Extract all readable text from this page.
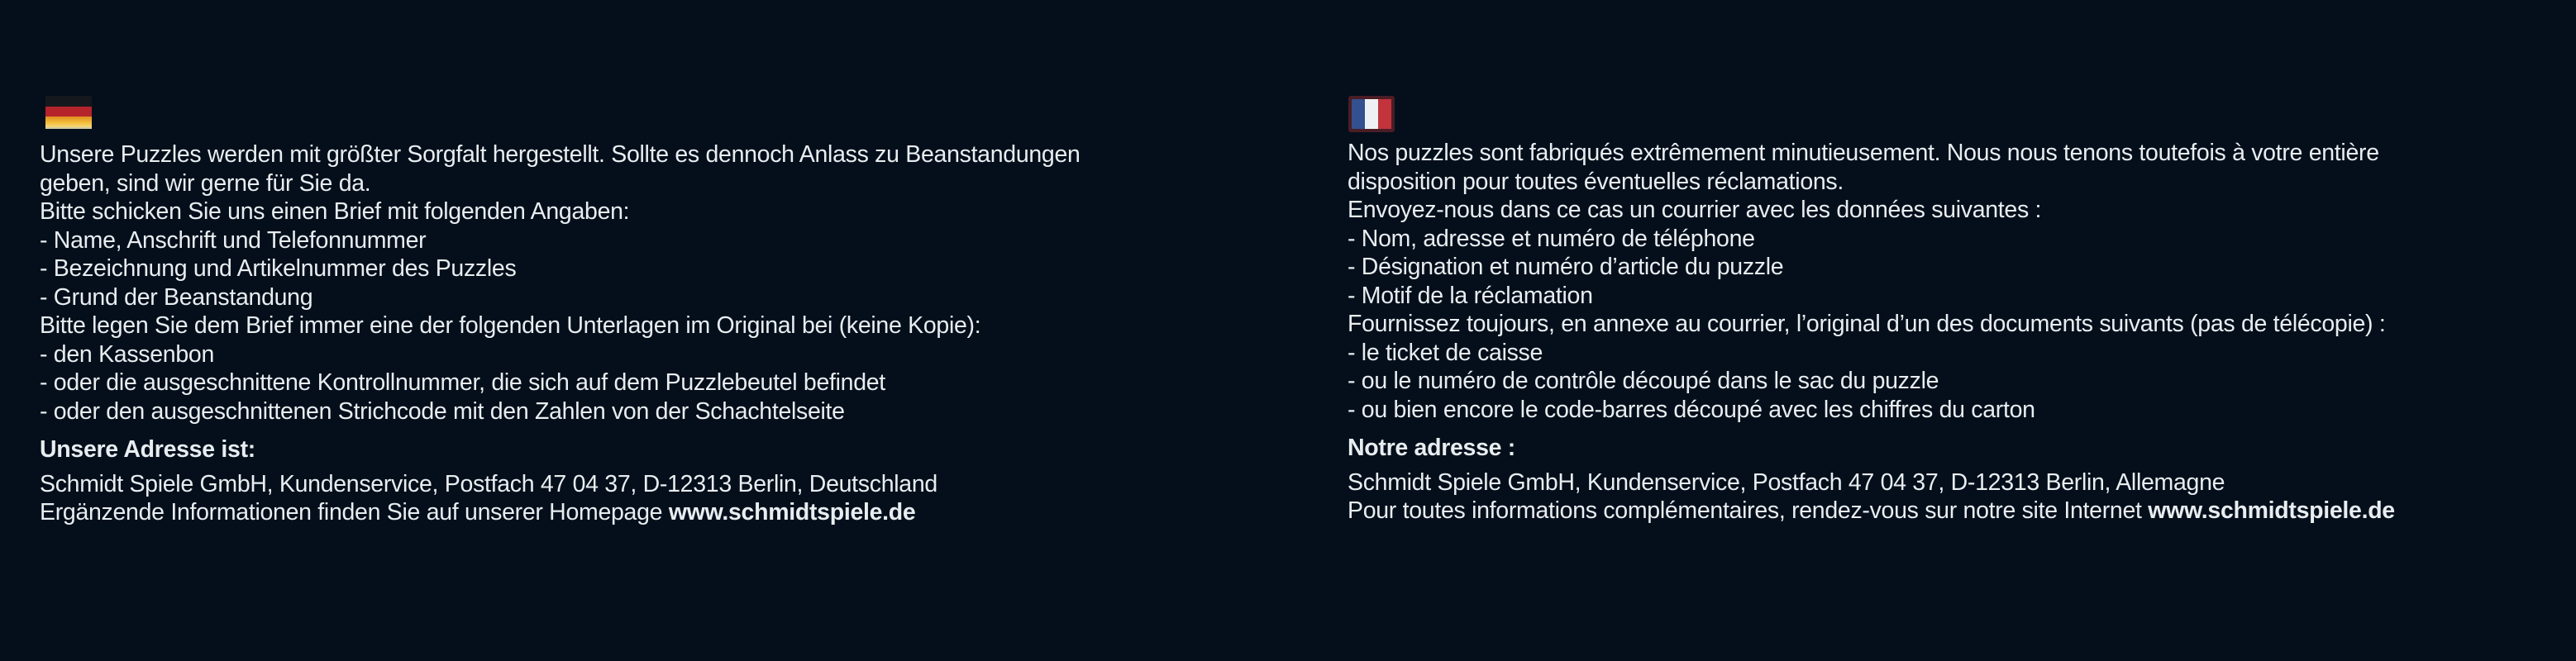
Unsere Puzzles werden mit größter Sorgfalt hergestellt. Sollte es dennoch Anlass zu Beanstandungen

geben, sind wir gerne für Sie da.

Bitte schicken Sie uns einen Brief mit folgenden Angaben:

- Name, Anschrift und Telefonnummer

- Bezeichnung und Artikelnummer des Puzzles

- Grund der Beanstandung

Bitte legen Sie dem Brief immer eine der folgenden Unterlagen im Original bei (keine Kopie):

- den Kassenbon

- oder die ausgeschnittene Kontrollnummer, die sich auf dem Puzzlebeutel befindet

- oder den ausgeschnittenen Strichcode mit den Zahlen von der Schachtelseite

Unsere Adresse ist:

Schmidt Spiele GmbH, Kundenservice, Postfach 47 04 37, D-12313 Berlin, Deutschland

Ergänzende Informationen finden Sie auf unserer Homepage www.schmidtspiele.de

Nos puzzles sont fabriqués extrêmement minutieusement. Nous nous tenons toutefois à votre entière

disposition pour toutes éventuelles réclamations.

Envoyez-nous dans ce cas un courrier avec les données suivantes :

- Nom, adresse et numéro de téléphone

- Désignation et numéro d’article du puzzle

- Motif de la réclamation

Fournissez toujours, en annexe au courrier, l’original d’un des documents suivants (pas de télécopie) :

- le ticket de caisse

- ou le numéro de contrôle découpé dans le sac du puzzle

- ou bien encore le code-barres découpé avec les chiffres du carton

Notre adresse :

Schmidt Spiele GmbH, Kundenservice, Postfach 47 04 37, D-12313 Berlin, Allemagne

Pour toutes informations complémentaires, rendez-vous sur notre site Internet www.schmidtspiele.de
